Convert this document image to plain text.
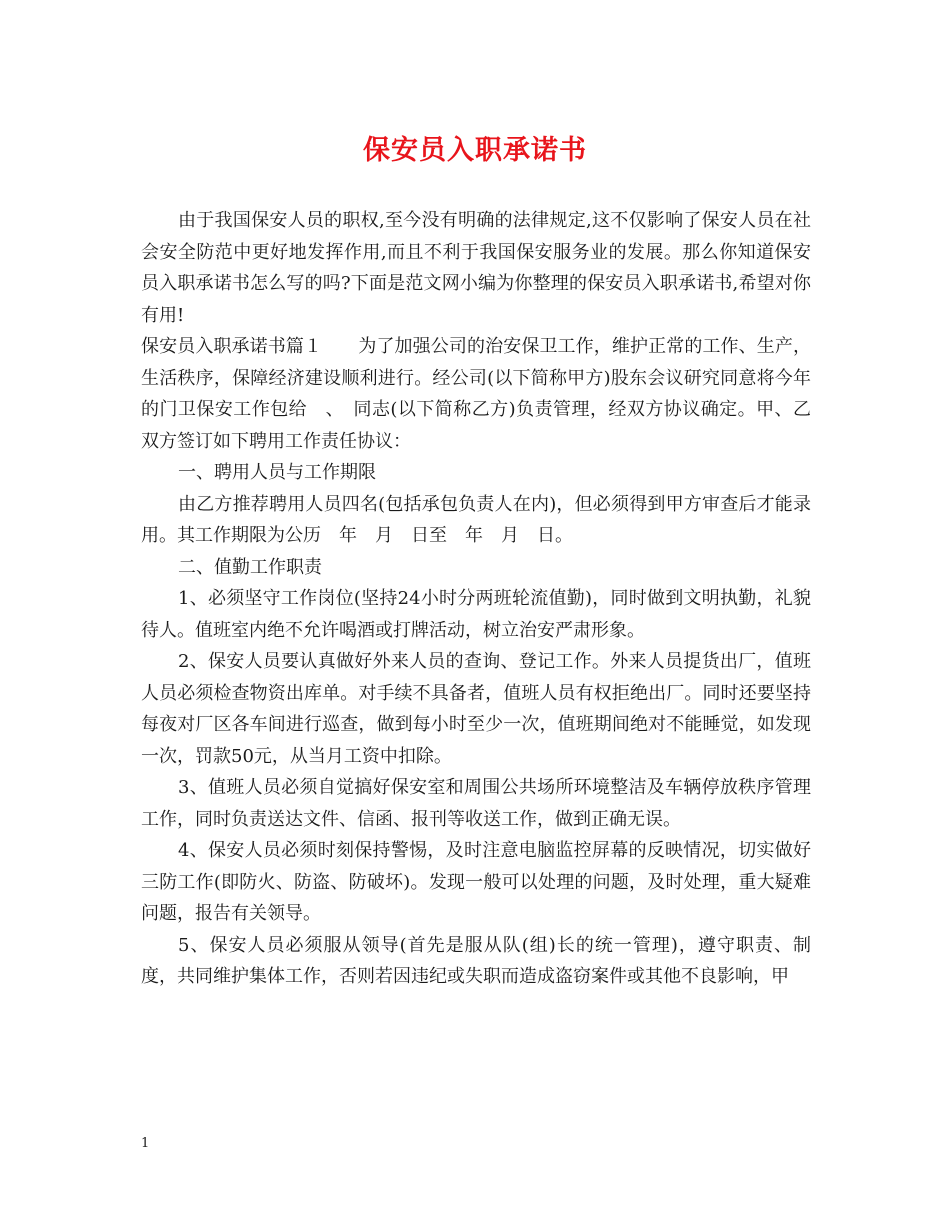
保安员入职承诺书

由于我国保安人员的职权,至今没有明确的法律规定,这不仅影响了保安人员在社会安全防范中更好地发挥作用,而且不利于我国保安服务业的发展。那么你知道保安员入职承诺书怎么写的吗?下面是范文网小编为你整理的保安员入职承诺书,希望对你有用!

保安员入职承诺书篇１　　为了加强公司的治安保卫工作，维护正常的工作、生产，生活秩序，保障经济建设顺利进行。经公司(以下简称甲方)股东会议研究同意将今年的门卫保安工作包给　、　同志(以下简称乙方)负责管理，经双方协议确定。甲、乙双方签订如下聘用工作责任协议：

一、聘用人员与工作期限

由乙方推荐聘用人员四名(包括承包负责人在内)，但必须得到甲方审查后才能录用。其工作期限为公历　年　月　日至　年　月　日。

二、值勤工作职责

1、必须坚守工作岗位(坚持24小时分两班轮流值勤)，同时做到文明执勤，礼貌待人。值班室内绝不允许喝酒或打牌活动，树立治安严肃形象。

2、保安人员要认真做好外来人员的查询、登记工作。外来人员提货出厂，值班人员必须检查物资出库单。对手续不具备者，值班人员有权拒绝出厂。同时还要坚持每夜对厂区各车间进行巡查，做到每小时至少一次，值班期间绝对不能睡觉，如发现一次，罚款50元，从当月工资中扣除。

3、值班人员必须自觉搞好保安室和周围公共场所环境整洁及车辆停放秩序管理工作，同时负责送达文件、信函、报刊等收送工作，做到正确无误。

4、保安人员必须时刻保持警惕，及时注意电脑监控屏幕的反映情况，切实做好三防工作(即防火、防盗、防破坏)。发现一般可以处理的问题，及时处理，重大疑难问题，报告有关领导。

5、保安人员必须服从领导(首先是服从队(组)长的统一管理)，遵守职责、制度，共同维护集体工作，否则若因违纪或失职而造成盗窃案件或其他不良影响，甲

1
